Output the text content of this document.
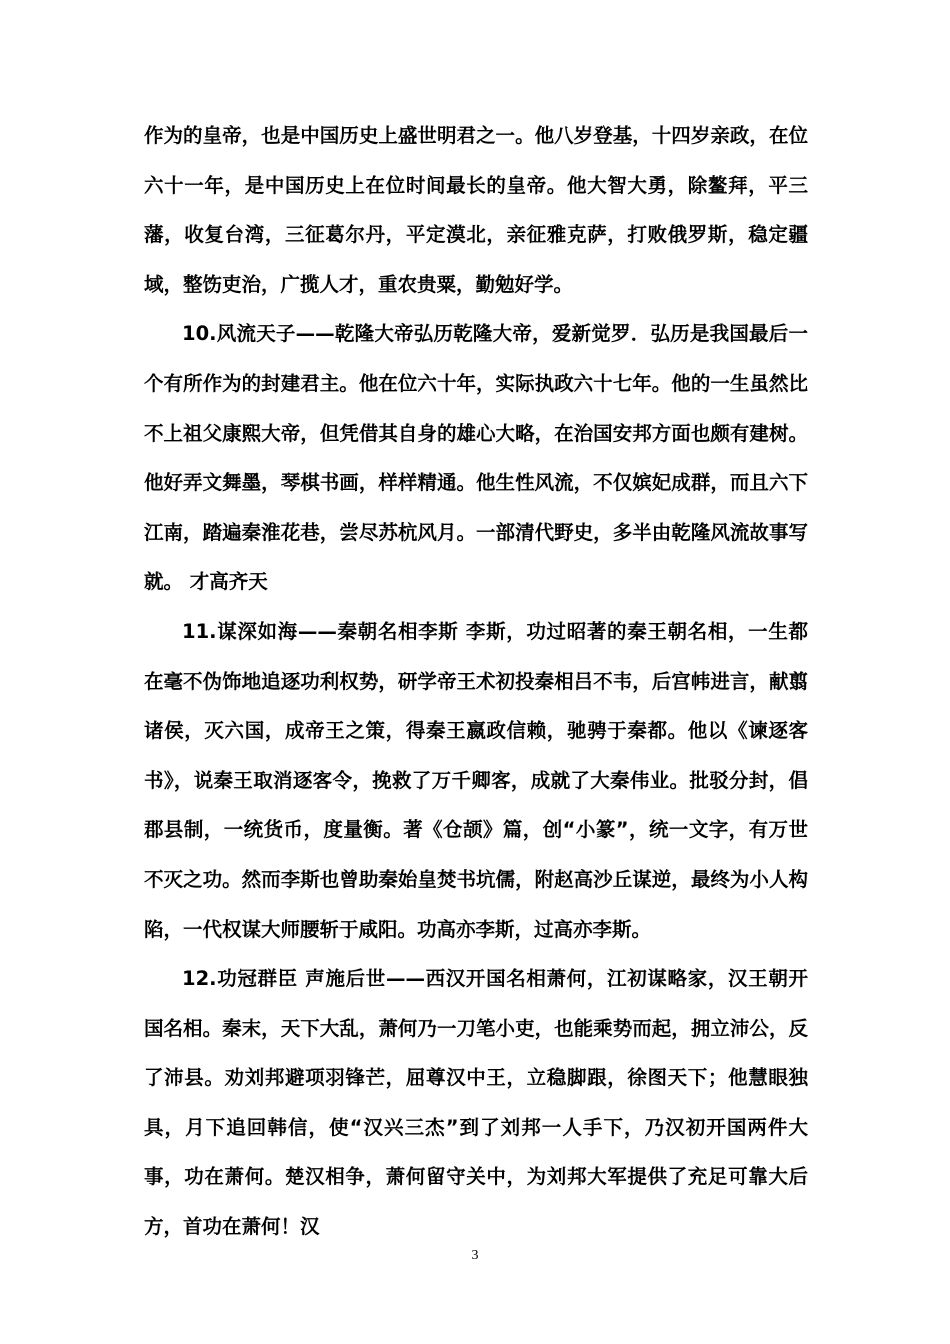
作为的皇帝，也是中国历史上盛世明君之一。他八岁登基，十四岁亲政，在位六十一年，是中国历史上在位时间最长的皇帝。他大智大勇，除鳌拜，平三藩，收复台湾，三征葛尔丹，平定漠北，亲征雅克萨，打败俄罗斯，稳定疆域，整饬吏治，广揽人才，重农贵粟，勤勉好学。

10.风流天子——乾隆大帝弘历乾隆大帝，爱新觉罗．弘历是我国最后一个有所作为的封建君主。他在位六十年，实际执政六十七年。他的一生虽然比不上祖父康熙大帝，但凭借其自身的雄心大略，在治国安邦方面也颇有建树。他好弄文舞墨，琴棋书画，样样精通。他生性风流，不仅嫔妃成群，而且六下江南，踏遍秦淮花巷，尝尽苏杭风月。一部清代野史，多半由乾隆风流故事写就。 才高齐天

11.谋深如海——秦朝名相李斯 李斯，功过昭著的秦王朝名相，一生都在毫不伪饰地追逐功利权势，研学帝王术初投秦相吕不韦，后宫帏进言，献翦诸侯，灭六国，成帝王之策，得秦王嬴政信赖，驰骋于秦都。他以《谏逐客书》，说秦王取消逐客令，挽救了万千卿客，成就了大秦伟业。批驳分封，倡郡县制，一统货币，度量衡。著《仓颉》篇，创“小篆”，统一文字，有万世不灭之功。然而李斯也曾助秦始皇焚书坑儒，附赵高沙丘谋逆，最终为小人构陷，一代权谋大师腰斩于咸阳。功高亦李斯，过高亦李斯。

12.功冠群臣 声施后世——西汉开国名相萧何，江初谋略家，汉王朝开国名相。秦末，天下大乱，萧何乃一刀笔小吏，也能乘势而起，拥立沛公，反了沛县。劝刘邦避项羽锋芒，屈尊汉中王，立稳脚跟，徐图天下；他慧眼独具，月下追回韩信，使“汉兴三杰”到了刘邦一人手下，乃汉初开国两件大事，功在萧何。楚汉相争，萧何留守关中，为刘邦大军提供了充足可靠大后方，首功在萧何！汉

3
